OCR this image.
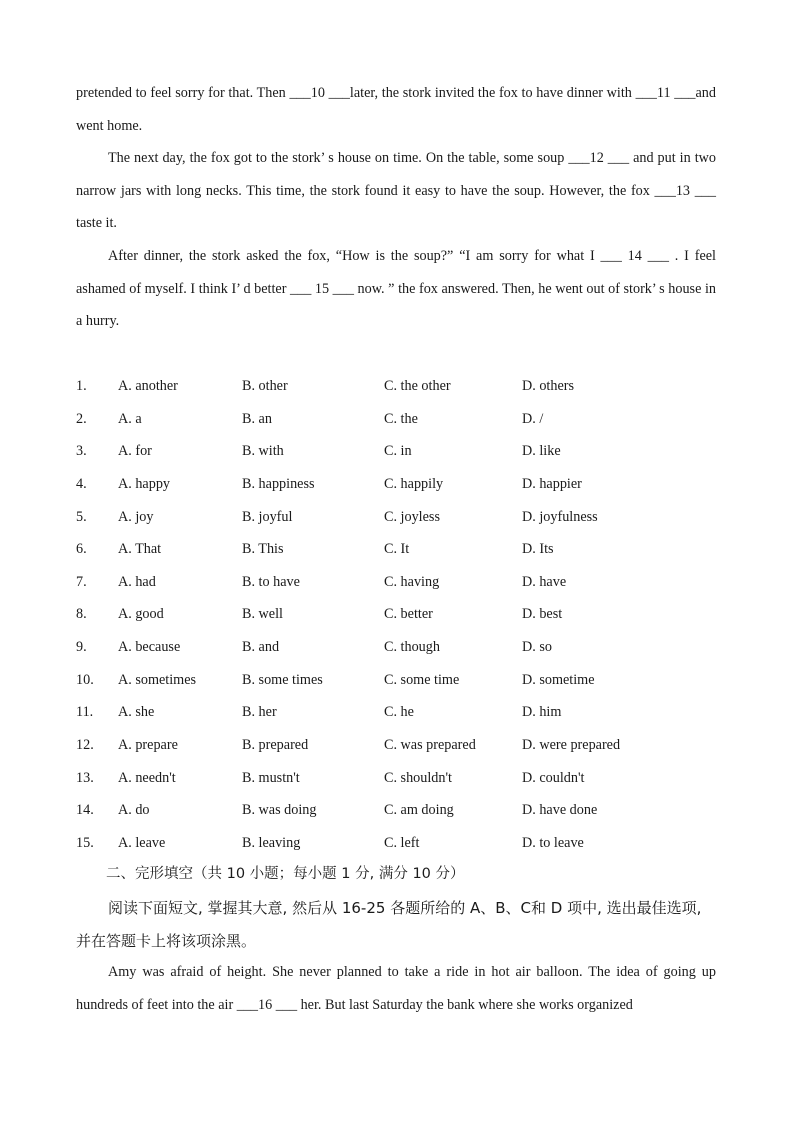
pretended to feel sorry for that. Then ___10 ___later, the stork invited the fox to have dinner with ___11 ___and went home.

The next day, the fox got to the stork’ s house on time. On the table, some soup ___12 ___ and put in two narrow jars with long necks. This time, the stork found it easy to have the soup. However, the fox ___13 ___ taste it.

After dinner, the stork asked the fox, “How is the soup?” “I am sorry for what I ___ 14 ___ . I feel ashamed of myself. I think I’ d better ___ 15 ___ now. ” the fox answered. Then, he went out of stork’ s house in a hurry.

1. A. another	B. other	C. the other	D. others
2. A. a	B. an	C. the	D. /
3. A. for	B. with	C. in	D. like
4. A. happy	B. happiness	C. happily	D. happier
5. A. joy	B. joyful	C. joyless	D. joyfulness
6. A. That	B. This	C. It	D. Its
7. A. had	B. to have	C. having	D. have
8. A. good	B. well	C. better	D. best
9. A. because	B. and	C. though	D. so
10. A. sometimes	B. some times	C. some time	D. sometime
11. A. she	B. her	C. he	D. him
12. A. prepare	B. prepared	C. was prepared	D. were prepared
13. A. needn't	B. mustn't	C. shouldn't	D. couldn't
14. A. do	B. was doing	C. am doing	D. have done
15. A. leave	B. leaving	C. left	D. to leave
二、完形填空（共 10 小题；每小题 1 分, 满分 10 分）

阅读下面短文, 掌握其大意, 然后从 16-25 各题所给的 A、B、C和 D 项中, 选出最佳选项, 并在答题卡上将该项涂黑。

Amy was afraid of height. She never planned to take a ride in hot air balloon. The idea of going up hundreds of feet into the air ___16 ___ her. But last Saturday the bank where she works organized
